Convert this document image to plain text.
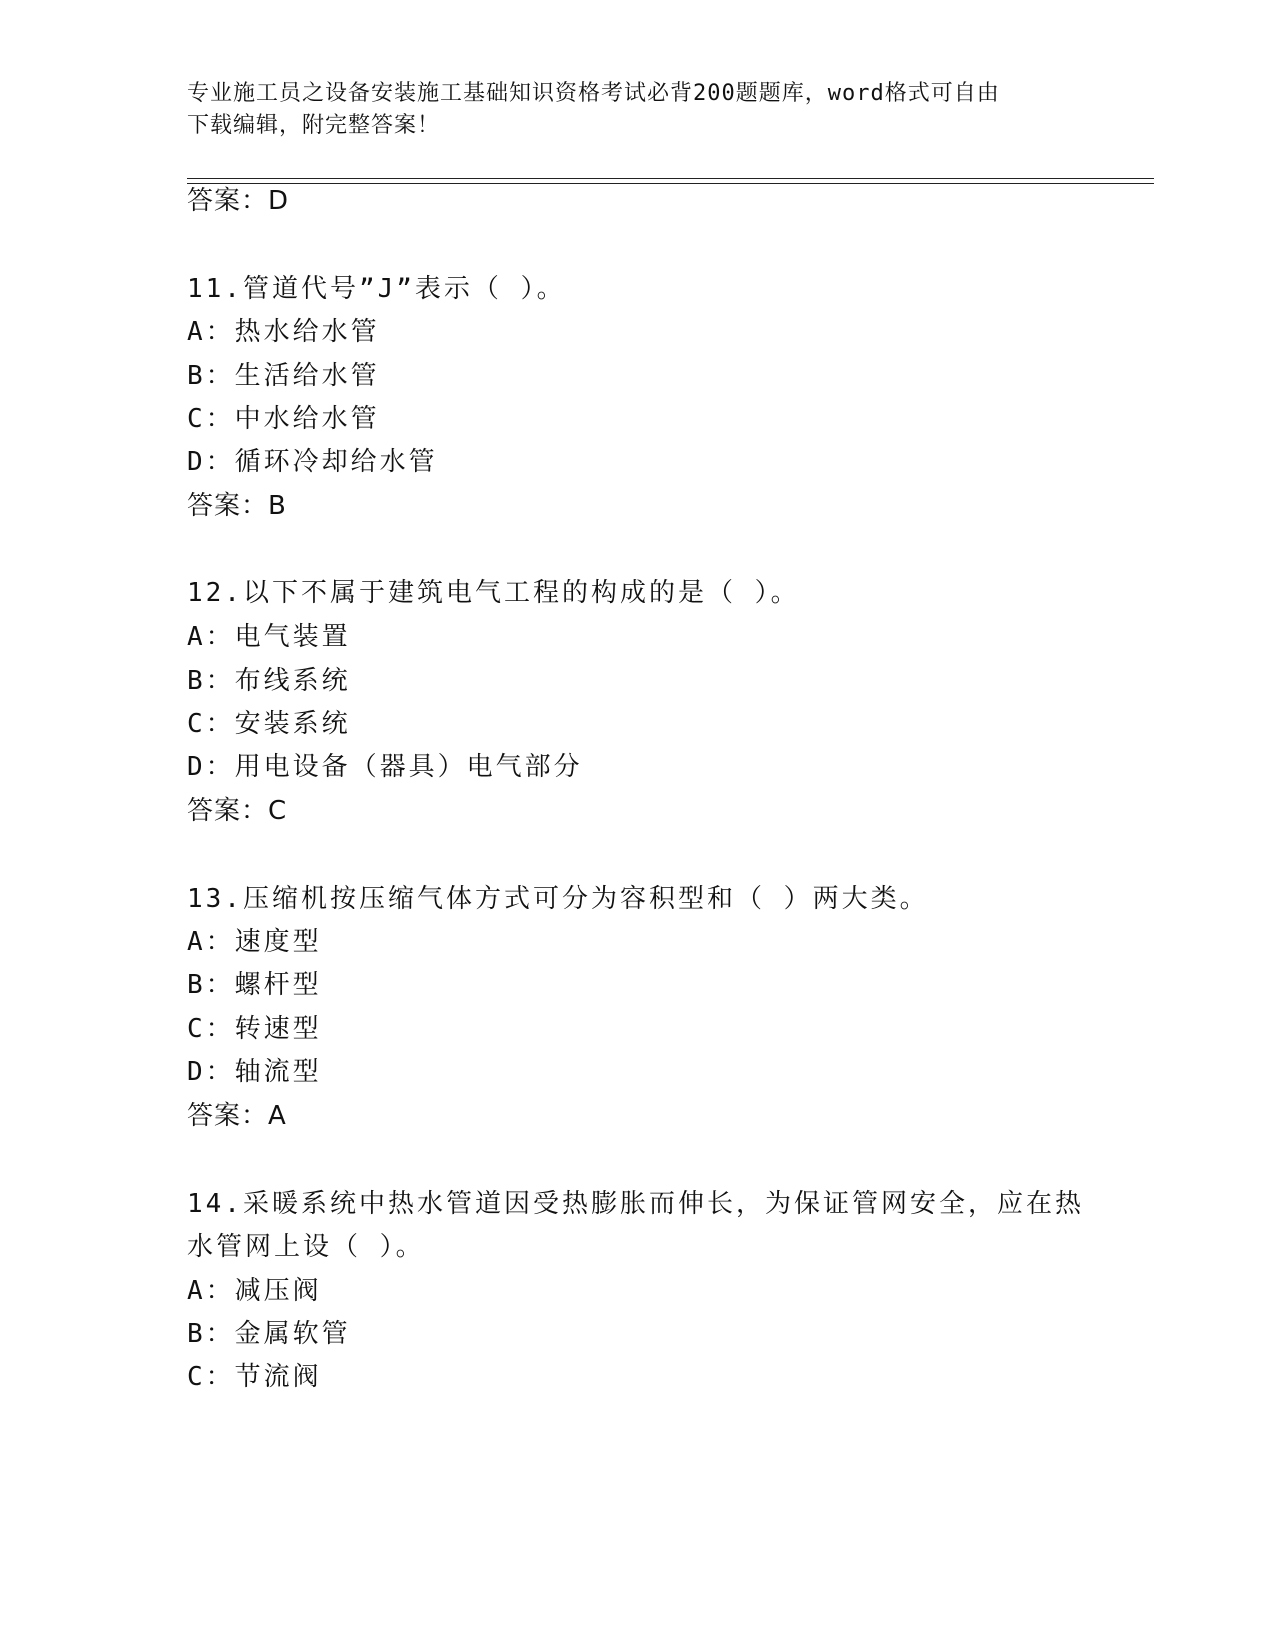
专业施工员之设备安装施工基础知识资格考试必背200题题库，word格式可自由
下载编辑，附完整答案！
答案：D
11.管道代号”J”表示（ ）。
A：热水给水管
B：生活给水管
C：中水给水管
D：循环冷却给水管
答案：B
12.以下不属于建筑电气工程的构成的是（ ）。
A：电气装置
B：布线系统
C：安装系统
D：用电设备（器具）电气部分
答案：C
13.压缩机按压缩气体方式可分为容积型和（ ）两大类。
A：速度型
B：螺杆型
C：转速型
D：轴流型
答案：A
14.采暖系统中热水管道因受热膨胀而伸长，为保证管网安全，应在热
水管网上设（ ）。
A：减压阀
B：金属软管
C：节流阀
